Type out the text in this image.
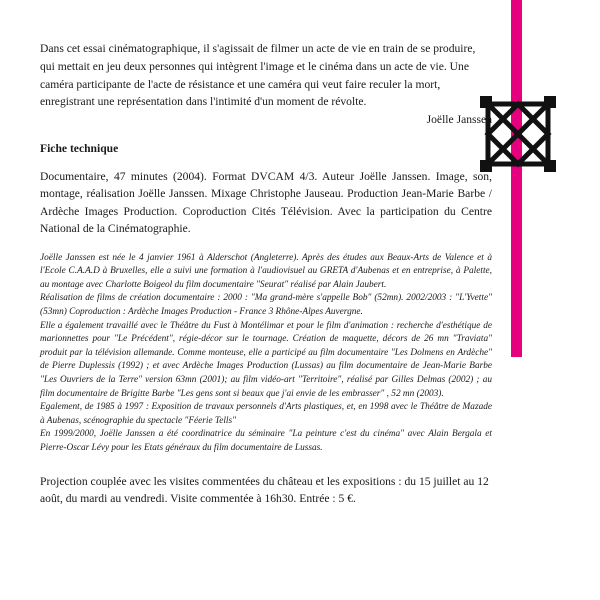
Dans cet essai cinématographique, il s'agissait de filmer un acte de vie en train de se produire, qui mettait en jeu deux personnes qui intègrent l'image et le cinéma dans un acte de vie. Une caméra participante de l'acte de résistance et une caméra qui veut faire reculer la mort, enregistrant une représentation dans l'intimité d'un moment de révolte.

Joëlle Janssen

Fiche technique

Documentaire, 47 minutes (2004). Format DVCAM 4/3. Auteur Joëlle Janssen. Image, son, montage, réalisation Joëlle Janssen. Mixage Christophe Jauseau. Production Jean-Marie Barbe / Ardèche Images Production. Coproduction Cités Télévision. Avec la participation du Centre National de la Cinématographie.

Joëlle Janssen est née le 4 janvier 1961 à Alderschot (Angleterre). Après des études aux Beaux-Arts de Valence et à l'Ecole C.A.A.D à Bruxelles, elle a suivi une formation à l'audiovisuel au GRETA d'Aubenas et en entreprise, à Palette, au montage avec Charlotte Boigeol du film documentaire "Seurat" réalisé par Alain Jaubert.

Réalisation de films de création documentaire : 2000 : "Ma grand-mère s'appelle Bob" (52mn). 2002/2003 : "L'Yvette" (53mn) Coproduction : Ardèche Images Production - France 3 Rhône-Alpes Auvergne.

Elle a également travaillé avec le Théâtre du Fust à Montélimar et pour le film d'animation : recherche d'esthétique de marionnettes pour "Le Précédent", régie-décor sur le tournage. Création de maquette, décors de 26 mn "Traviata" produit par la télévision allemande. Comme monteuse, elle a participé au film documentaire "Les Dolmens en Ardèche" de Pierre Duplessis (1992) ; et avec Ardèche Images Production (Lussas) au film documentaire de Jean-Marie Barbe "Les Ouvriers de la Terre" version 63mn (2001); au film vidéo-art "Territoire", réalisé par Gilles Delmas (2002) ; au film documentaire de Brigitte Barbe "Les gens sont si beaux que j'ai envie de les embrasser" , 52 mn (2003).

Egalement, de 1985 à 1997 : Exposition de travaux personnels d'Arts plastiques, et, en 1998 avec le Théâtre de Mazade à Aubenas, scénographie du spectacle "Féerie Tells"

En 1999/2000, Joëlle Janssen a été coordinatrice du séminaire "La peinture c'est du cinéma" avec Alain Bergala et Pierre-Oscar Lévy pour les Etats généraux du film documentaire de Lussas.

Projection couplée avec les visites commentées du château et les expositions : du 15 juillet au 12 août, du mardi au vendredi. Visite commentée à 16h30. Entrée : 5 €.
